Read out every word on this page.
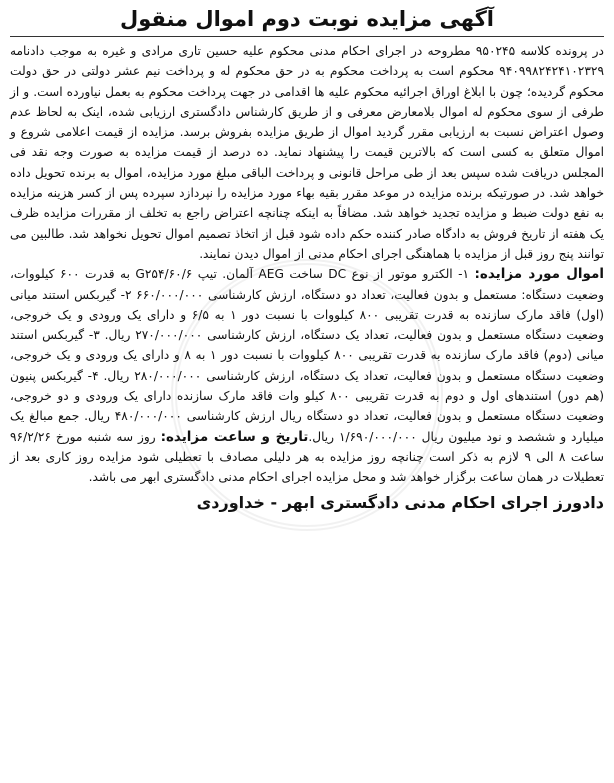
آگهی مزایده نوبت دوم اموال منقول

در پرونده کلاسه ۹۵۰۲۴۵ مطروحه در اجرای احکام مدنی محکوم علیه حسین تاری مرادی و غیره به موجب دادنامه ۹۴۰۹۹۸۲۴۲۴۱۰۲۳۲۹ محکوم است به پرداخت محکوم به در حق محکوم له و پرداخت نیم عشر دولتی در حق دولت محکوم گردیده؛ چون با ابلاغ اوراق اجرائیه محکوم علیه ها اقدامی در جهت پرداخت محکوم به بعمل نیاورده است. و از طرفی از سوی محکوم له اموال بلامعارض معرفی و از طریق کارشناس دادگستری ارزیابی شده، اینک به لحاظ عدم وصول اعتراض نسبت به ارزیابی مقرر گردید اموال از طریق مزایده بفروش برسد. مزایده از قیمت اعلامی شروع و اموال متعلق به کسی است که بالاترین قیمت را پیشنهاد نماید. ده درصد از قیمت مزایده به صورت وجه نقد فی المجلس دریافت شده سپس بعد از طی مراحل قانونی و پرداخت الباقی مبلغ مورد مزایده، اموال به برنده تحویل داده خواهد شد. در صورتیکه برنده مزایده در موعد مقرر بقیه بهاء مورد مزایده را نپردازد سپرده پس از کسر هزینه مزایده به نفع دولت ضبط و مزایده تجدید خواهد شد. مضافاً به اینکه چنانچه اعتراض راجع به تخلف از مقررات مزایده ظرف یک هفته از تاریخ فروش به دادگاه صادر کننده حکم داده شود قبل از اتخاذ تصمیم اموال تحویل نخواهد شد. طالبین می توانند پنج روز قبل از مزایده با هماهنگی اجرای احکام مدنی از اموال دیدن نمایند.

اموال مورد مزایده: ۱- الکترو موتور از نوع DC ساخت AEG آلمان. تیپ G۲۵۴/۶۰/۶ به قدرت ۶۰۰ کیلووات، وضعیت دستگاه: مستعمل و بدون فعالیت، تعداد دو دستگاه، ارزش کارشناسی ۶۶۰/۰۰۰/۰۰۰ ۲- گیربکس استند میانی (اول) فاقد مارک سازنده به قدرت تقریبی ۸۰۰ کیلووات با نسبت دور ۱ به ۶/۵ و دارای یک ورودی و یک خروجی، وضعیت دستگاه مستعمل و بدون فعالیت، تعداد یک دستگاه، ارزش کارشناسی ۲۷۰/۰۰۰/۰۰۰ ریال. ۳- گیربکس استند میانی (دوم) فاقد مارک سازنده به قدرت تقریبی ۸۰۰ کیلووات با نسبت دور ۱ به ۸ و دارای یک ورودی و یک خروجی، وضعیت دستگاه مستعمل و بدون فعالیت، تعداد یک دستگاه، ارزش کارشناسی ۲۸۰/۰۰۰/۰۰۰ ریال. ۴- گیربکس پنیون (هم دور) استندهای اول و دوم به قدرت تقریبی ۸۰۰ کیلو وات فاقد مارک سازنده دارای یک ورودی و دو خروجی، وضعیت دستگاه مستعمل و بدون فعالیت، تعداد دو دستگاه ریال ارزش کارشناسی ۴۸۰/۰۰۰/۰۰۰ ریال. جمع مبالغ یک میلیارد و ششصد و نود میلیون ریال ۱/۶۹۰/۰۰۰/۰۰۰ ریال.تاریخ و ساعت مزایده: روز سه شنبه مورخ ۹۶/۲/۲۶ ساعت ۸ الی ۹ لازم به ذکر است چنانچه روز مزایده به هر دلیلی مصادف با تعطیلی شود مزایده روز کاری بعد از تعطیلات در همان ساعت برگزار خواهد شد و محل مزایده اجرای احکام مدنی دادگستری ابهر می باشد.

دادورز اجرای احکام مدنی دادگستری ابهر - خداوردی
